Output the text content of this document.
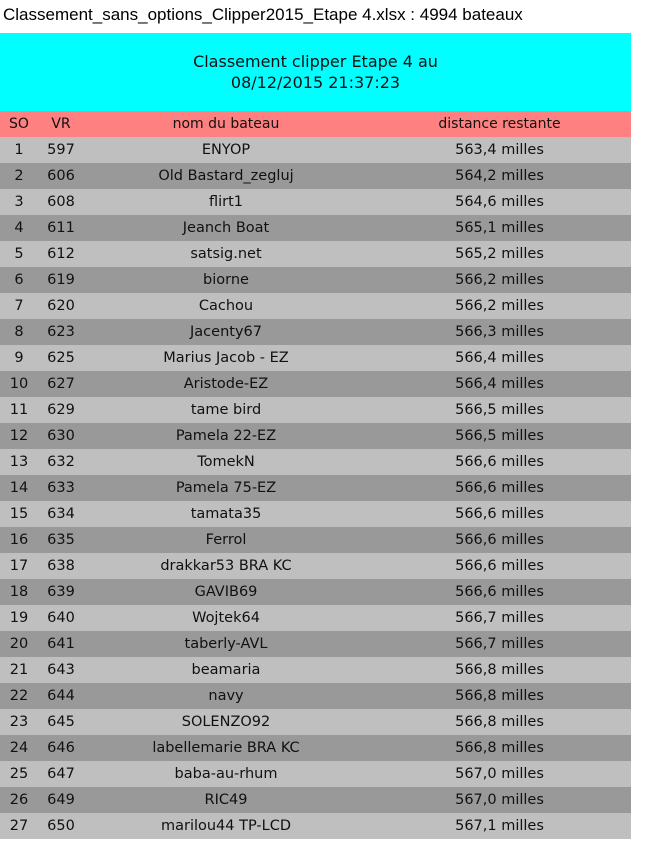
Classement_sans_options_Clipper2015_Etape 4.xlsx : 4994 bateaux
Classement clipper Etape 4 au
08/12/2015 21:37:23
SO	VR	nom du bateau	distance restante
1	597	ENYOP	563,4 milles
2	606	Old Bastard_zegluj	564,2 milles
3	608	flirt1	564,6 milles
4	611	Jeanch Boat	565,1 milles
5	612	satsig.net	565,2 milles
6	619	biorne	566,2 milles
7	620	Cachou	566,2 milles
8	623	Jacenty67	566,3 milles
9	625	Marius Jacob - EZ	566,4 milles
10	627	Aristode-EZ	566,4 milles
11	629	tame bird	566,5 milles
12	630	Pamela 22-EZ	566,5 milles
13	632	TomekN	566,6 milles
14	633	Pamela 75-EZ	566,6 milles
15	634	tamata35	566,6 milles
16	635	Ferrol	566,6 milles
17	638	drakkar53 BRA KC	566,6 milles
18	639	GAVIB69	566,6 milles
19	640	Wojtek64	566,7 milles
20	641	taberly-AVL	566,7 milles
21	643	beamaria	566,8 milles
22	644	navy	566,8 milles
23	645	SOLENZO92	566,8 milles
24	646	labellemarie BRA KC	566,8 milles
25	647	baba-au-rhum	567,0 milles
26	649	RIC49	567,0 milles
27	650	marilou44 TP-LCD	567,1 milles
